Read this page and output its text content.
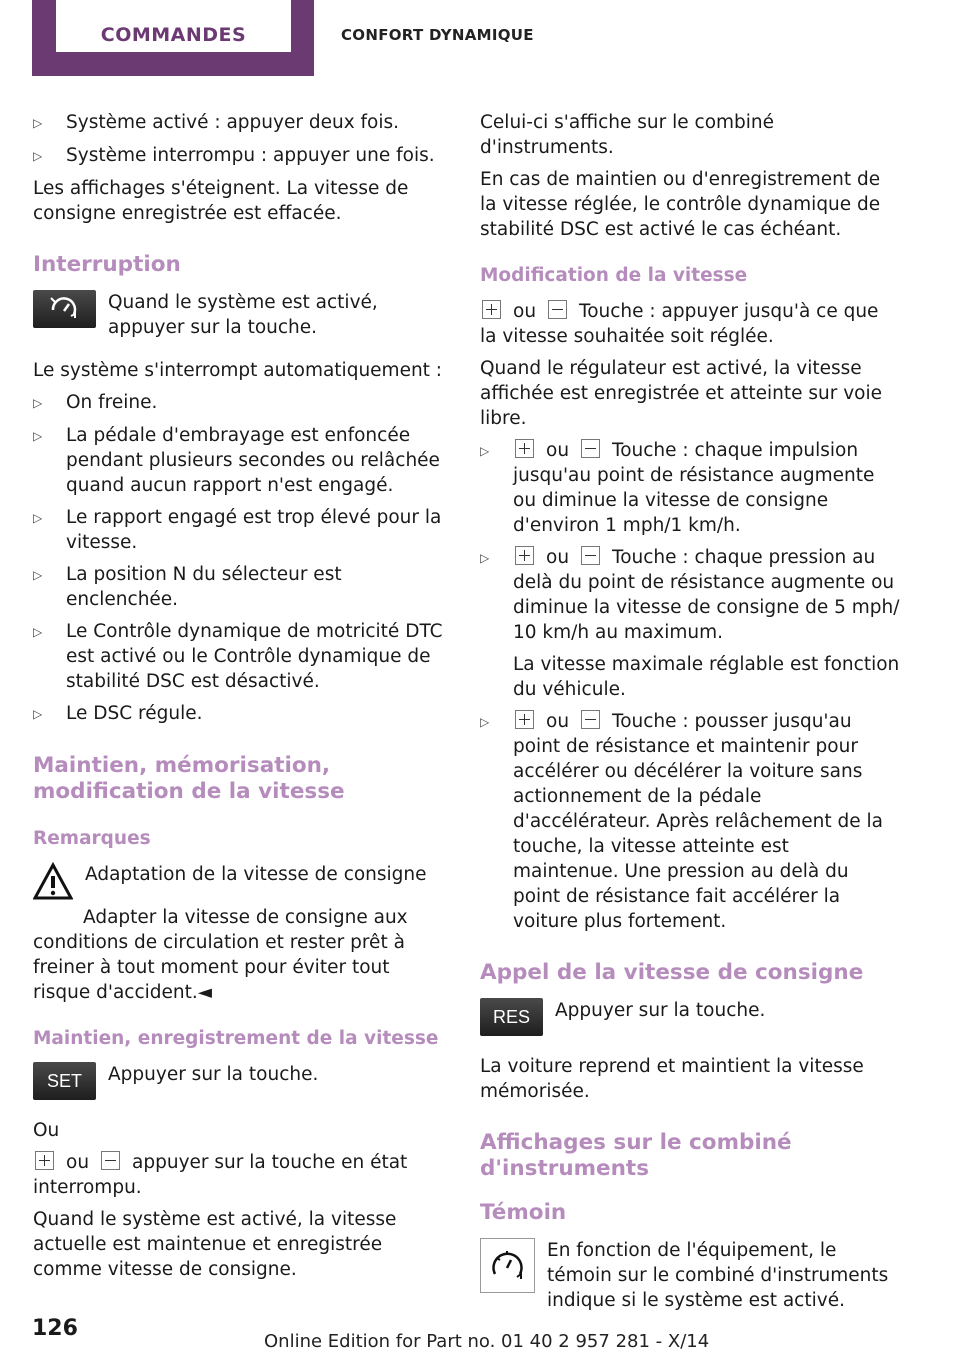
COMMANDES	CONFORT DYNAMIQUE
▷	Système activé : appuyer deux fois.
▷	Système interrompu : appuyer une fois.

Les affichages s'éteignent. La vitesse de consigne enregistrée est effacée.

Interruption
Quand le système est activé, appuyer sur la touche.

Le système s'interrompt automatiquement :

▷	On freine.
▷	La pédale d'embrayage est enfoncée pendant plusieurs secondes ou relâchée quand aucun rapport n'est engagé.
▷	Le rapport engagé est trop élevé pour la vitesse.
▷	La position N du sélecteur est enclenchée.
▷	Le Contrôle dynamique de motricité DTC est activé ou le Contrôle dynamique de stabilité DSC est désactivé.
▷	Le DSC régule.
Maintien, mémorisation, modification de la vitesse
Remarques
Adaptation de la vitesse de consigne

Adapter la vitesse de consigne aux conditions de circulation et rester prêt à freiner à tout moment pour éviter tout risque d'accident.◄

Maintien, enregistrement de la vitesse
SET	Appuyer sur la touche.

Ou

ou appuyer sur la touche en état interrompu.

Quand le système est activé, la vitesse actuelle est maintenue et enregistrée comme vitesse de consigne.

Celui-ci s'affiche sur le combiné d'instruments.

En cas de maintien ou d'enregistrement de la vitesse réglée, le contrôle dynamique de stabilité DSC est activé le cas échéant.

Modification de la vitesse

ou Touche : appuyer jusqu'à ce que la vitesse souhaitée soit réglée.

Quand le régulateur est activé, la vitesse affichée est enregistrée et atteinte sur voie libre.

▷	ou Touche : chaque impulsion jusqu'au point de résistance augmente ou diminue la vitesse de consigne d'environ 1 mph/1 km/h.
▷	ou Touche : chaque pression au delà du point de résistance augmente ou diminue la vitesse de consigne de 5 mph/ 10 km/h au maximum.

La vitesse maximale réglable est fonction du véhicule.

▷	ou Touche : pousser jusqu'au point de résistance et maintenir pour accélérer ou décélérer la voiture sans actionnement de la pédale d'accélérateur. Après relâchement de la touche, la vitesse atteinte est maintenue. Une pression au delà du point de résistance fait accélérer la voiture plus fortement.
Appel de la vitesse de consigne
RES	Appuyer sur la touche.

La voiture reprend et maintient la vitesse mémorisée.

Affichages sur le combiné d'instruments
Témoin
En fonction de l'équipement, le témoin sur le combiné d'instruments indique si le système est activé.
126
Online Edition for Part no. 01 40 2 957 281 - X/14
